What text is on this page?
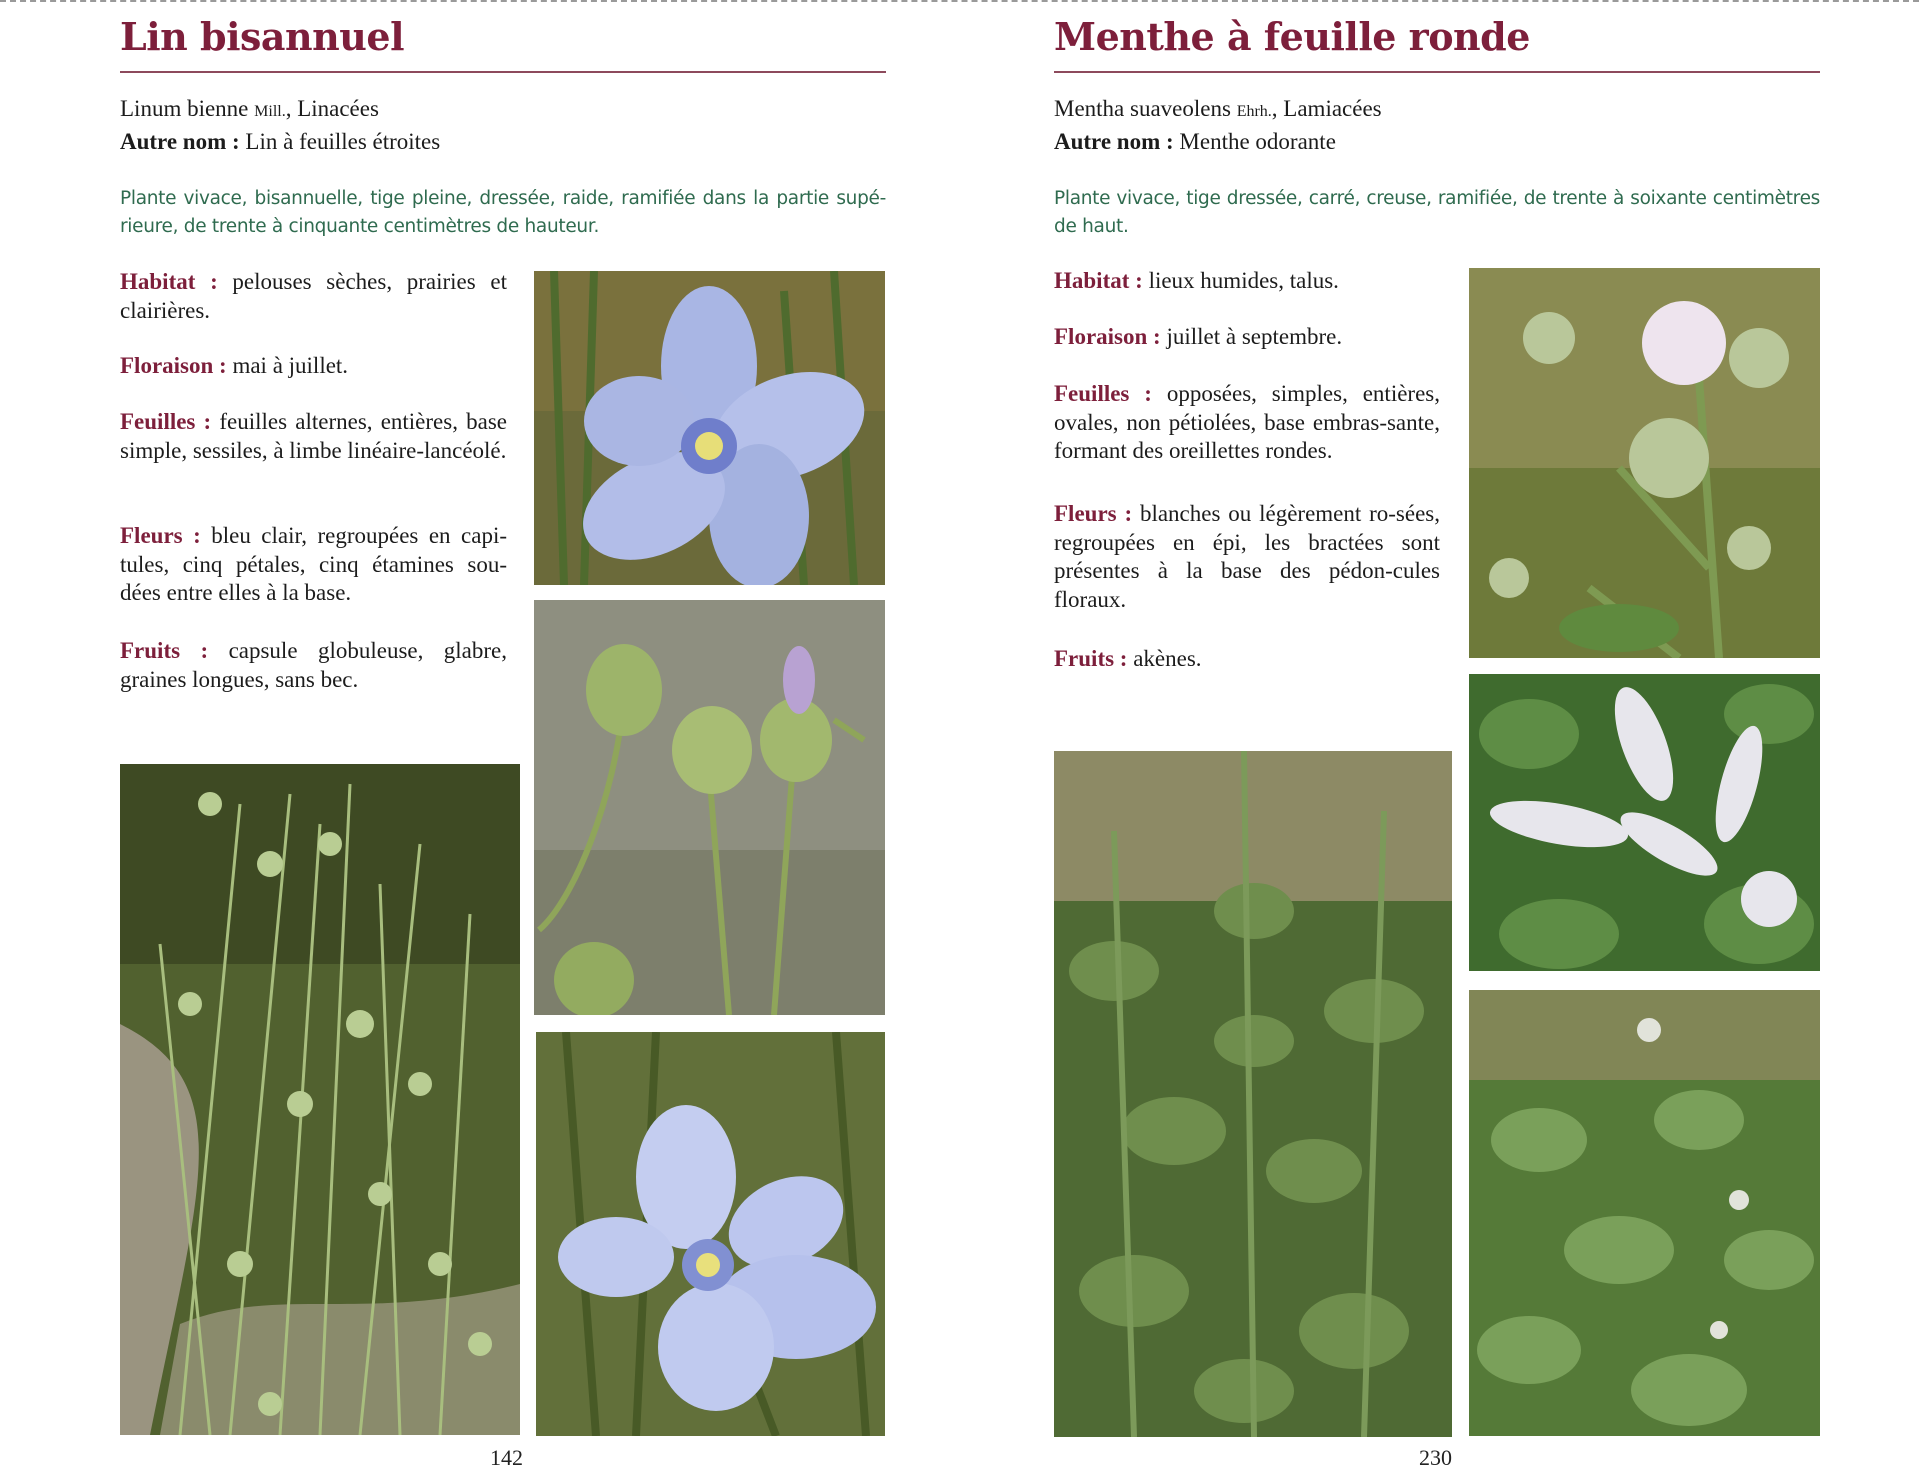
Lin bisannuel
Linum bienne Mill., Linacées
Autre nom : Lin à feuilles étroites

Plante vivace, bisannuelle, tige pleine, dressée, raide, ramifiée dans la partie supé-rieure, de trente à cinquante centimètres de hauteur.

Habitat : pelouses sèches, prairies et clairières.

Floraison : mai à juillet.

Feuilles : feuilles alternes, entières, base simple, sessiles, à limbe linéaire-lancéolé.

Fleurs : bleu clair, regroupées en capi-tules, cinq pétales, cinq étamines sou-dées entre elles à la base.

Fruits : capsule globuleuse, glabre, graines longues, sans bec.

142
Menthe à feuille ronde
Mentha suaveolens Ehrh., Lamiacées
Autre nom : Menthe odorante

Plante vivace, tige dressée, carré, creuse, ramifiée, de trente à soixante centimètres de haut.

Habitat : lieux humides, talus.

Floraison : juillet à septembre.

Feuilles : opposées, simples, entières, ovales, non pétiolées, base embras-sante, formant des oreillettes rondes.

Fleurs : blanches ou légèrement ro-sées, regroupées en épi, les bractées sont présentes à la base des pédon-cules floraux.

Fruits : akènes.

230
